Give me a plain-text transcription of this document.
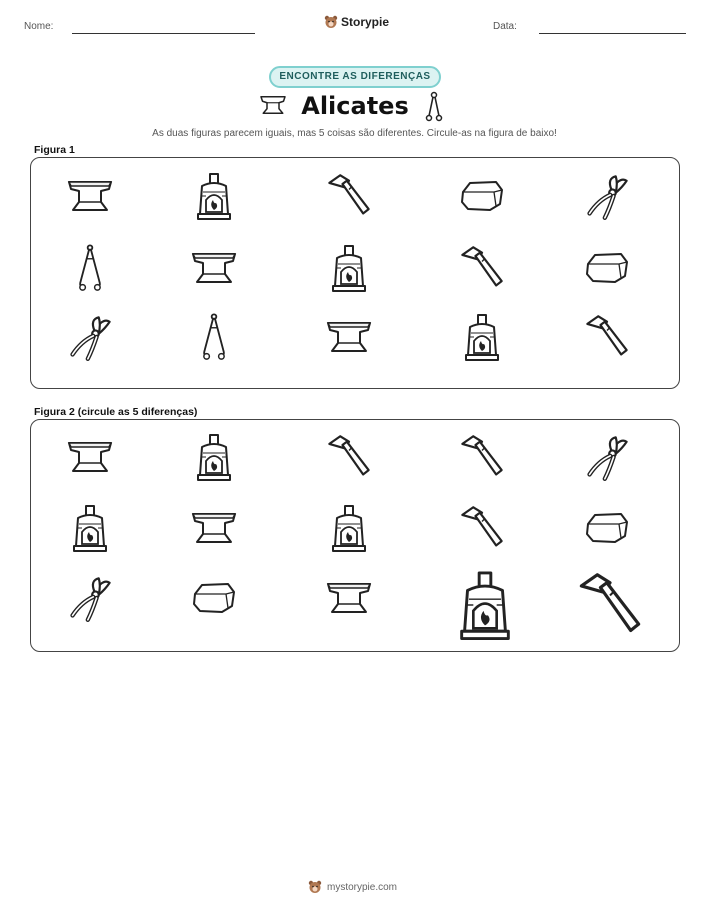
Nome:	Storypie	Data:
ENCONTRE AS DIFERENÇAS
Alicates
As duas figuras parecem iguais, mas 5 coisas são diferentes. Circule-as na figura de baixo!
Figura 1
Figura 2 (circule as 5 diferenças)
mystorypie.com
